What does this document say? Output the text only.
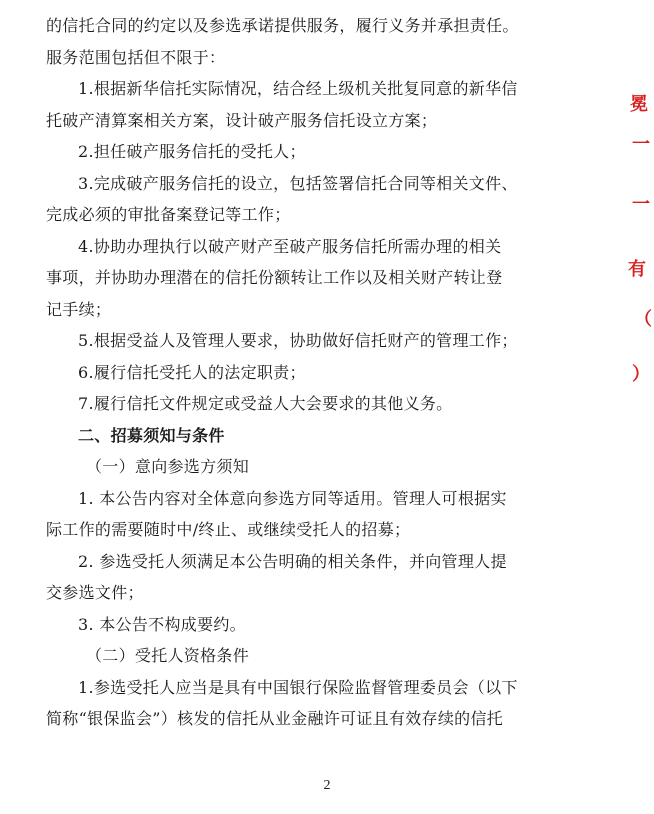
的信托合同的约定以及参选承诺提供服务，履行义务并承担责任。
服务范围包括但不限于：
1.根据新华信托实际情况，结合经上级机关批复同意的新华信
托破产清算案相关方案，设计破产服务信托设立方案；
2.担任破产服务信托的受托人；
3.完成破产服务信托的设立，包括签署信托合同等相关文件、
完成必须的审批备案登记等工作；
4.协助办理执行以破产财产至破产服务信托所需办理的相关
事项，并协助办理潜在的信托份额转让工作以及相关财产转让登
记手续；
5.根据受益人及管理人要求，协助做好信托财产的管理工作；
6.履行信托受托人的法定职责；
7.履行信托文件规定或受益人大会要求的其他义务。
二、招募须知与条件
（一）意向参选方须知
1. 本公告内容对全体意向参选方同等适用。管理人可根据实
际工作的需要随时中/终止、或继续受托人的招募；
2. 参选受托人须满足本公告明确的相关条件，并向管理人提
交参选文件；
3. 本公告不构成要约。
（二）受托人资格条件
1.参选受托人应当是具有中国银行保险监督管理委员会（以下
简称“银保监会”）核发的信托从业金融许可证且有效存续的信托
2
冕
一
一
有
（
）
